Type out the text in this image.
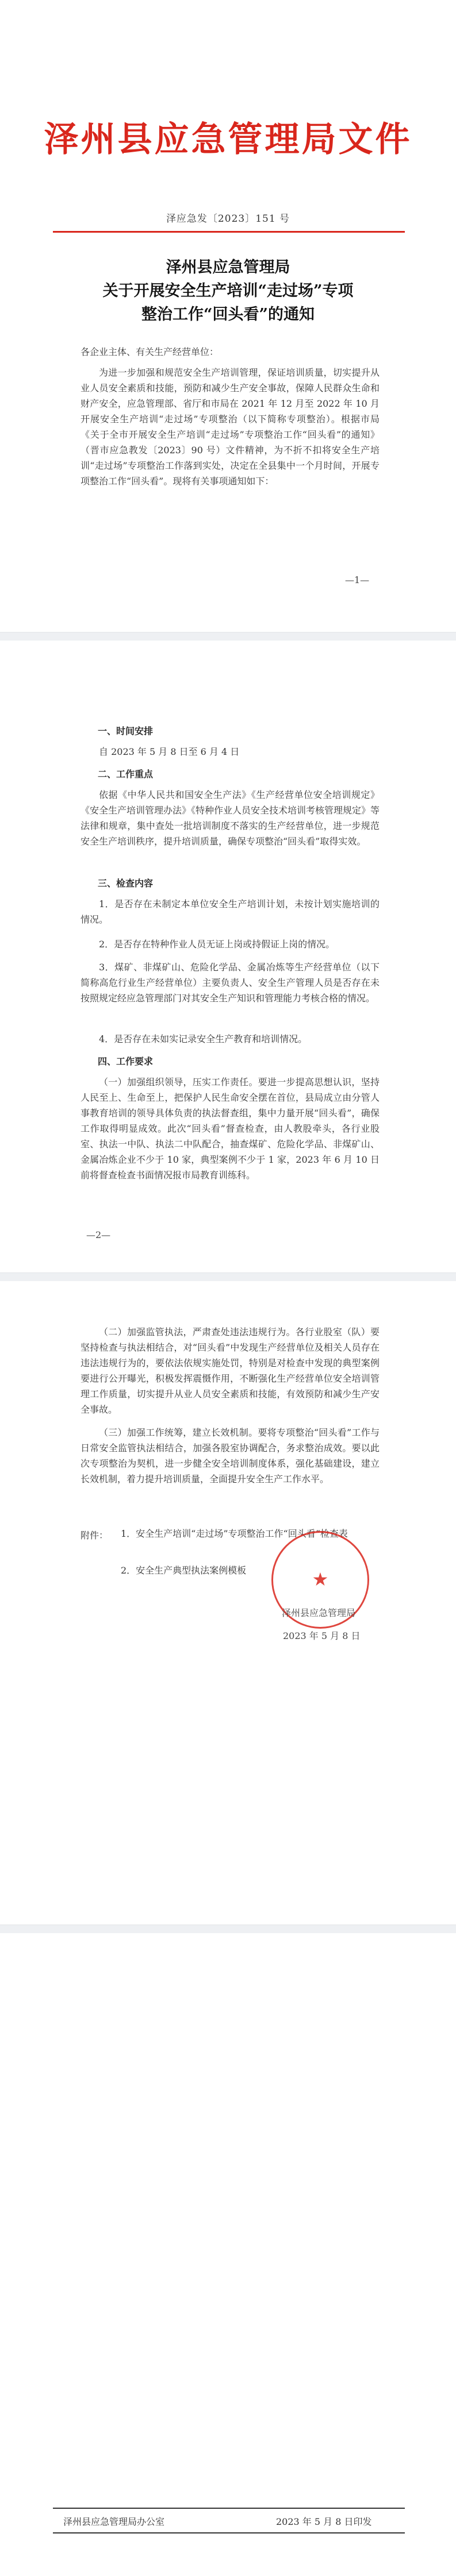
泽州县应急管理局文件
泽应急发〔2023〕151 号
泽州县应急管理局
关于开展安全生产培训“走过场”专项
整治工作“回头看”的通知
各企业主体、有关生产经营单位：
为进一步加强和规范安全生产培训管理，保证培训质量，切实提升从业人员安全素质和技能，预防和减少生产安全事故，保障人民群众生命和财产安全，应急管理部、省厅和市局在 2021 年 12 月至 2022 年 10 月开展安全生产培训“走过场”专项整治（以下简称专项整治）。根据市局《关于全市开展安全生产培训“走过场”专项整治工作“回头看”的通知》（晋市应急教发〔2023〕90 号）文件精神，为不折不扣将安全生产培训“走过场”专项整治工作落到实处，决定在全县集中一个月时间，开展专项整治工作“回头看”。现将有关事项通知如下：
—1—
一、时间安排
自 2023 年 5 月 8 日至 6 月 4 日
二、工作重点
依据《中华人民共和国安全生产法》《生产经营单位安全培训规定》《安全生产培训管理办法》《特种作业人员安全技术培训考核管理规定》等法律和规章，集中查处一批培训制度不落实的生产经营单位，进一步规范安全生产培训秩序，提升培训质量，确保专项整治“回头看”取得实效。
三、检查内容
1．是否存在未制定本单位安全生产培训计划，未按计划实施培训的情况。
2．是否存在特种作业人员无证上岗或持假证上岗的情况。
3．煤矿、非煤矿山、危险化学品、金属冶炼等生产经营单位（以下简称高危行业生产经营单位）主要负责人、安全生产管理人员是否存在未按照规定经应急管理部门对其安全生产知识和管理能力考核合格的情况。
4．是否存在未如实记录安全生产教育和培训情况。
四、工作要求
（一）加强组织领导，压实工作责任。要进一步提高思想认识，坚持人民至上、生命至上，把保护人民生命安全摆在首位，县局成立由分管人事教育培训的领导具体负责的执法督查组，集中力量开展“回头看”，确保工作取得明显成效。此次“回头看”督查检查，由人教股牵头，各行业股室、执法一中队、执法二中队配合，抽查煤矿、危险化学品、非煤矿山、金属冶炼企业不少于 10 家，典型案例不少于 1 家，2023 年 6 月 10 日前将督查检查书面情况报市局教育训练科。
—2—
（二）加强监管执法，严肃查处违法违规行为。各行业股室（队）要坚持检查与执法相结合，对“回头看”中发现生产经营单位及相关人员存在违法违规行为的，要依法依规实施处罚，特别是对检查中发现的典型案例要进行公开曝光，积极发挥震慑作用，不断强化生产经营单位安全培训管理工作质量，切实提升从业人员安全素质和技能，有效预防和减少生产安全事故。
（三）加强工作统筹，建立长效机制。要将专项整治“回头看”工作与日常安全监管执法相结合，加强各股室协调配合，务求整治成效。要以此次专项整治为契机，进一步健全安全培训制度体系，强化基础建设，建立长效机制，着力提升培训质量，全面提升安全生产工作水平。
附件： 1．安全生产培训“走过场”专项整治工作“回头看”检查表
2．安全生产典型执法案例模板	★
泽州县应急管理局
2023 年 5 月 8 日
泽州县应急管理局办公室	2023 年 5 月 8 日印发
